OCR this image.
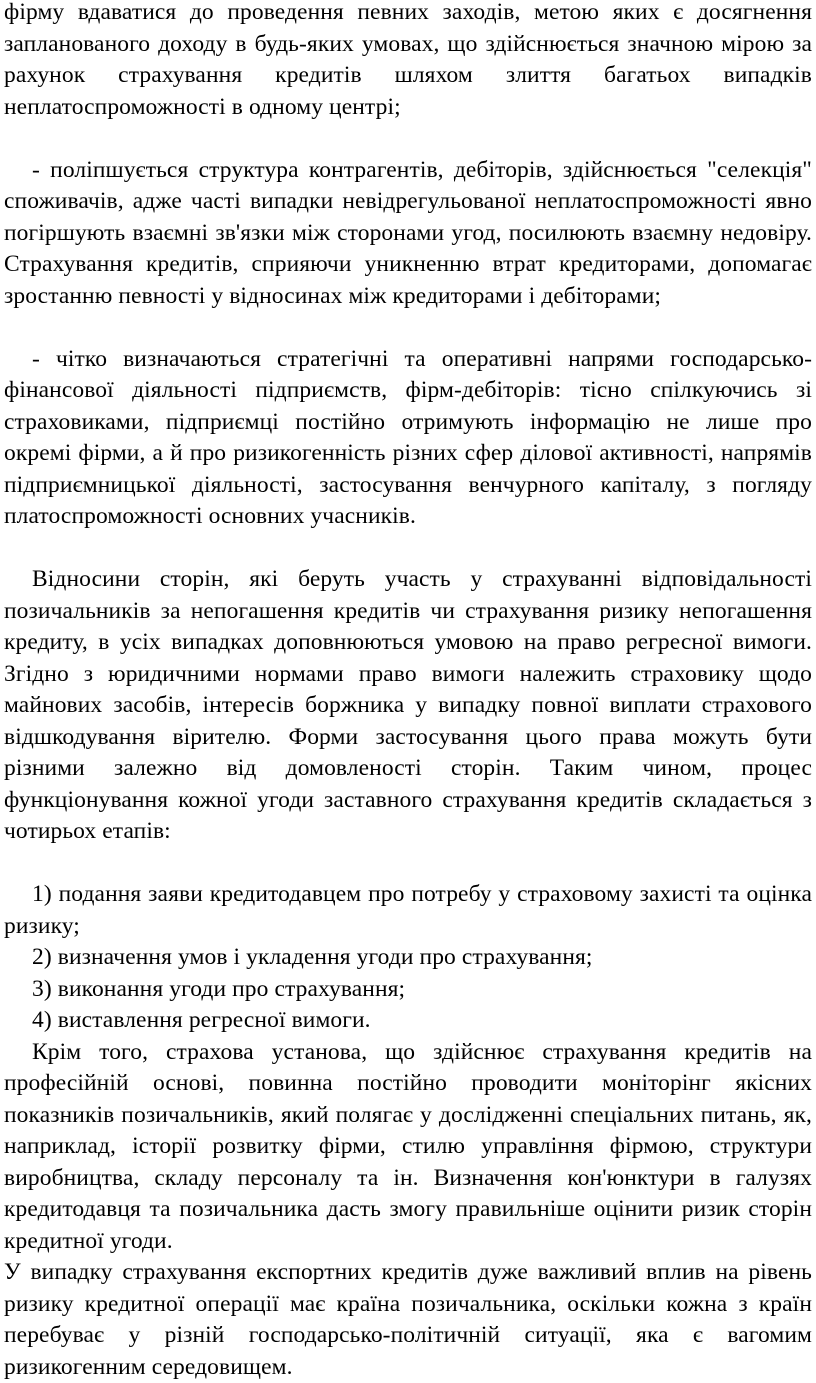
фірму вдаватися до проведення певних заходів, метою яких є досягнення запланованого доходу в будь-яких умовах, що здійснюється значною мірою за рахунок страхування кредитів шляхом злиття багатьох випадків неплатоспроможності в одному центрі;

- поліпшується структура контрагентів, дебіторів, здійснюється "селекція" споживачів, адже часті випадки невідрегульованої неплатоспроможності явно погіршують взаємні зв'язки між сторонами угод, посилюють взаємну недовіру. Страхування кредитів, сприяючи уникненню втрат кредиторами, допомагає зростанню певності у відносинах між кредиторами і дебіторами;

- чітко визначаються стратегічні та оперативні напрями господарсько-фінансової діяльності підприємств, фірм-дебіторів: тісно спілкуючись зі страховиками, підприємці постійно отримують інформацію не лише про окремі фірми, а й про ризикогенність різних сфер ділової активності, напрямів підприємницької діяльності, застосування венчурного капіталу, з погляду платоспроможності основних учасників.

Відносини сторін, які беруть участь у страхуванні відповідальності позичальників за непогашення кредитів чи страхування ризику непогашення кредиту, в усіх випадках доповнюються умовою на право регресної вимоги. Згідно з юридичними нормами право вимоги належить страховику щодо майнових засобів, інтересів боржника у випадку повної виплати страхового відшкодування вірителю. Форми застосування цього права можуть бути різними залежно від домовленості сторін. Таким чином, процес функціонування кожної угоди заставного страхування кредитів складається з чотирьох етапів:

1) подання заяви кредитодавцем про потребу у страховому захисті та оцінка ризику;

2) визначення умов і укладення угоди про страхування;

3) виконання угоди про страхування;

4) виставлення регресної вимоги.

Крім того, страхова установа, що здійснює страхування кредитів на професійній основі, повинна постійно проводити моніторінг якісних показників позичальників, який полягає у дослідженні спеціальних питань, як, наприклад, історії розвитку фірми, стилю управління фірмою, структури виробництва, складу персоналу та ін. Визначення кон'юнктури в галузях кредитодавця та позичальника дасть змогу правильніше оцінити ризик сторін кредитної угоди.

У випадку страхування експортних кредитів дуже важливий вплив на рівень ризику кредитної операції має країна позичальника, оскільки кожна з країн перебуває у різній господарсько-політичній ситуації, яка є вагомим ризикогенним середовищем.
